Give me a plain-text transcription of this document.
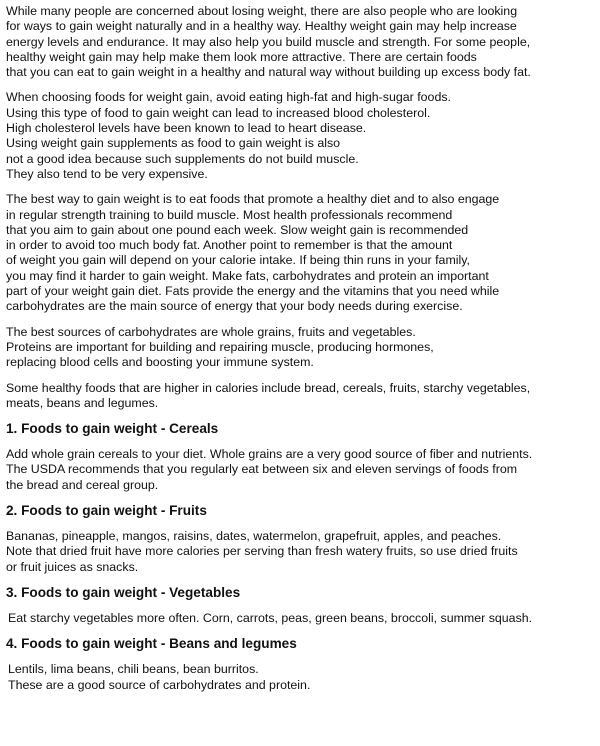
While many people are concerned about losing weight, there are also people who are looking
for ways to gain weight naturally and in a healthy way. Healthy weight gain may help increase
energy levels and endurance. It may also help you build muscle and strength. For some people,
healthy weight gain may help make them look more attractive. There are certain foods
that you can eat to gain weight in a healthy and natural way without building up excess body fat.
When choosing foods for weight gain, avoid eating high-fat and high-sugar foods.
Using this type of food to gain weight can lead to increased blood cholesterol.
High cholesterol levels have been known to lead to heart disease.
Using weight gain supplements as food to gain weight is also
not a good idea because such supplements do not build muscle.
They also tend to be very expensive.
The best way to gain weight is to eat foods that promote a healthy diet and to also engage
in regular strength training to build muscle. Most health professionals recommend
that you aim to gain about one pound each week. Slow weight gain is recommended
in order to avoid too much body fat. Another point to remember is that the amount
of weight you gain will depend on your calorie intake. If being thin runs in your family,
you may find it harder to gain weight. Make fats, carbohydrates and protein an important
part of your weight gain diet. Fats provide the energy and the vitamins that you need while
carbohydrates are the main source of energy that your body needs during exercise.
The best sources of carbohydrates are whole grains, fruits and vegetables.
Proteins are important for building and repairing muscle, producing hormones,
replacing blood cells and boosting your immune system.
Some healthy foods that are higher in calories include bread, cereals, fruits, starchy vegetables,
meats, beans and legumes.
1. Foods to gain weight - Cereals
Add whole grain cereals to your diet. Whole grains are a very good source of fiber and nutrients.
The USDA recommends that you regularly eat between six and eleven servings of foods from
the bread and cereal group.
2. Foods to gain weight - Fruits
Bananas, pineapple, mangos, raisins, dates, watermelon, grapefruit, apples, and peaches.
Note that dried fruit have more calories per serving than fresh watery fruits, so use dried fruits
or fruit juices as snacks.
3. Foods to gain weight - Vegetables
Eat starchy vegetables more often. Corn, carrots, peas, green beans, broccoli, summer squash.
4. Foods to gain weight - Beans and legumes
Lentils, lima beans, chili beans, bean burritos.
These are a good source of carbohydrates and protein.
